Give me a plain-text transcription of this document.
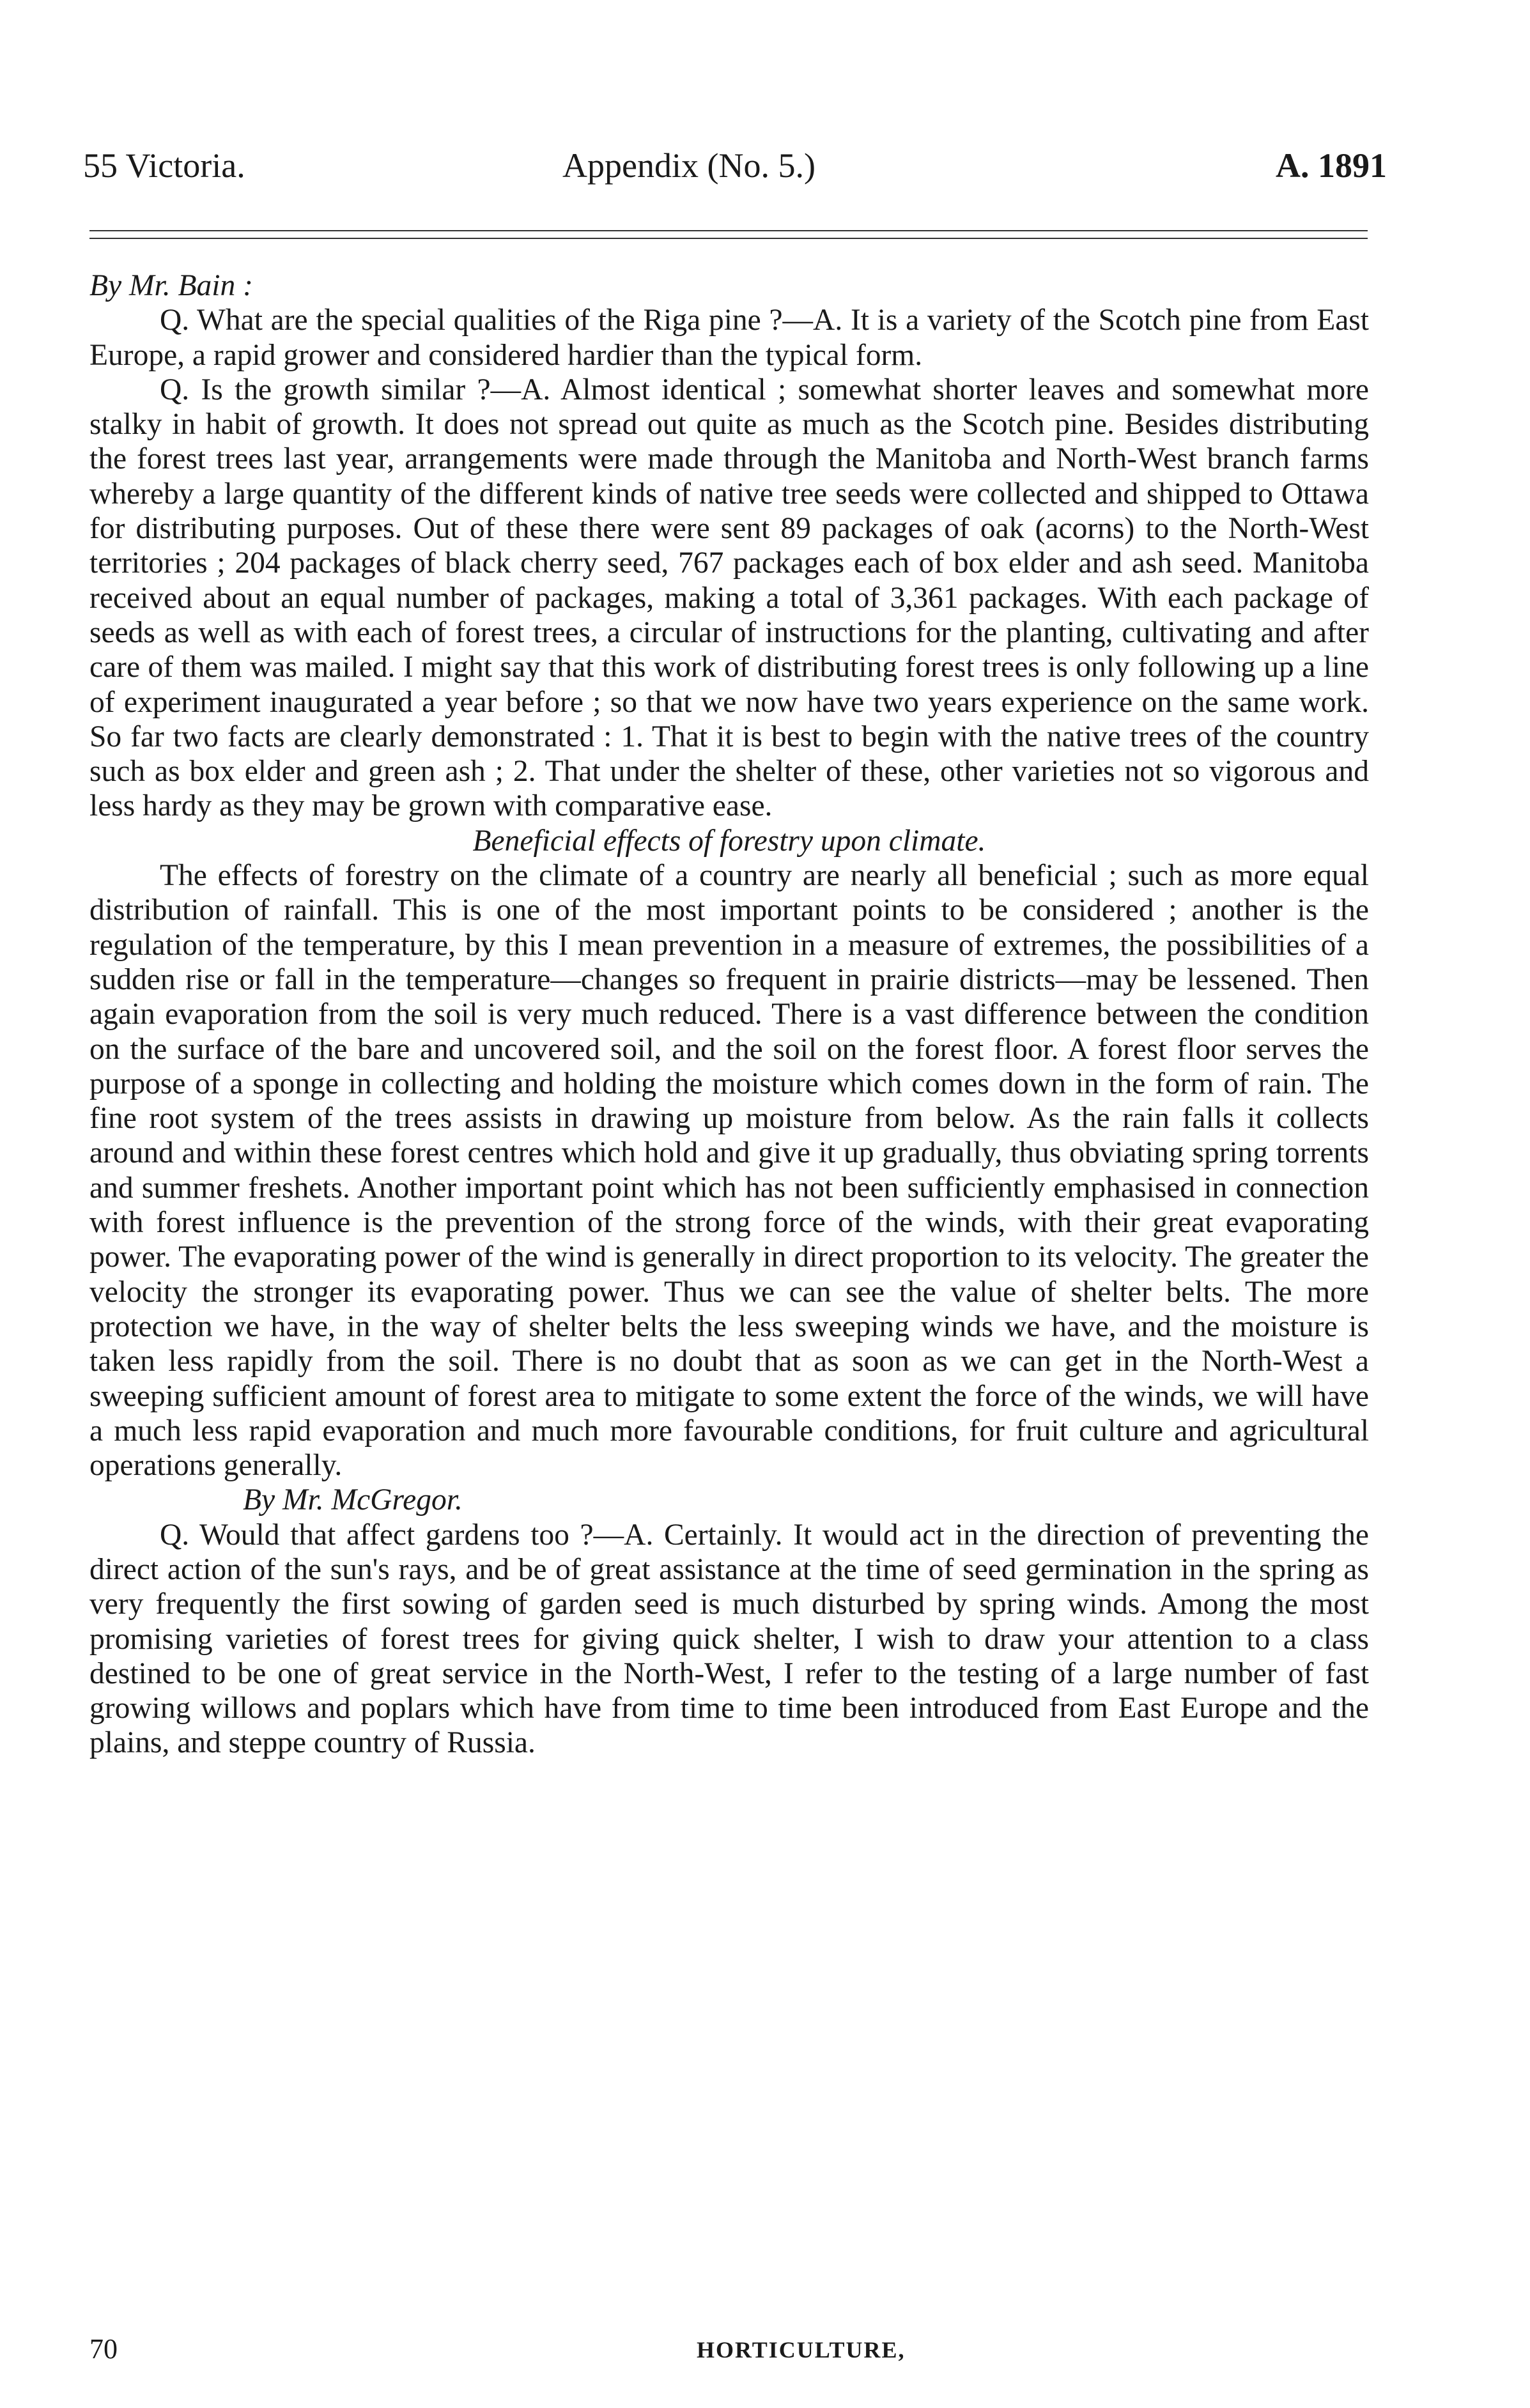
55 Victoria.	Appendix (No. 5.)	A. 1891

By Mr. Bain :

Q. What are the special qualities of the Riga pine ?—A. It is a variety of the Scotch pine from East Europe, a rapid grower and considered hardier than the typical form.

Q. Is the growth similar ?—A. Almost identical ; somewhat shorter leaves and somewhat more stalky in habit of growth. It does not spread out quite as much as the Scotch pine. Besides distributing the forest trees last year, arrangements were made through the Manitoba and North-West branch farms whereby a large quantity of the different kinds of native tree seeds were collected and shipped to Ottawa for distributing purposes. Out of these there were sent 89 packages of oak (acorns) to the North-West territories ; 204 packages of black cherry seed, 767 packages each of box elder and ash seed. Manitoba received about an equal number of packages, making a total of 3,361 packages. With each package of seeds as well as with each of forest trees, a circular of instructions for the planting, cultivating and after care of them was mailed. I might say that this work of distributing forest trees is only following up a line of experiment inaugurated a year before ; so that we now have two years experience on the same work. So far two facts are clearly demonstrated : 1. That it is best to begin with the native trees of the country such as box elder and green ash ; 2. That under the shelter of these, other varieties not so vigorous and less hardy as they may be grown with comparative ease.

Beneficial effects of forestry upon climate.

The effects of forestry on the climate of a country are nearly all beneficial ; such as more equal distribution of rainfall. This is one of the most important points to be considered ; another is the regulation of the temperature, by this I mean prevention in a measure of extremes, the possibilities of a sudden rise or fall in the temperature—changes so frequent in prairie districts—may be lessened. Then again evaporation from the soil is very much reduced. There is a vast difference between the condition on the surface of the bare and uncovered soil, and the soil on the forest floor. A forest floor serves the purpose of a sponge in collecting and holding the moisture which comes down in the form of rain. The fine root system of the trees assists in drawing up moisture from below. As the rain falls it collects around and within these forest centres which hold and give it up gradually, thus obviating spring torrents and summer freshets. Another important point which has not been sufficiently emphasised in connection with forest influence is the prevention of the strong force of the winds, with their great evaporating power. The evaporating power of the wind is generally in direct proportion to its velocity. The greater the velocity the stronger its evaporating power. Thus we can see the value of shelter belts. The more protection we have, in the way of shelter belts the less sweeping winds we have, and the moisture is taken less rapidly from the soil. There is no doubt that as soon as we can get in the North-West a sweeping sufficient amount of forest area to mitigate to some extent the force of the winds, we will have a much less rapid evaporation and much more favourable conditions, for fruit culture and agricultural operations generally.

By Mr. McGregor.

Q. Would that affect gardens too ?—A. Certainly. It would act in the direction of preventing the direct action of the sun's rays, and be of great assistance at the time of seed germination in the spring as very frequently the first sowing of garden seed is much disturbed by spring winds. Among the most promising varieties of forest trees for giving quick shelter, I wish to draw your attention to a class destined to be one of great service in the North-West, I refer to the testing of a large number of fast growing willows and poplars which have from time to time been introduced from East Europe and the plains, and steppe country of Russia.

70	HORTICULTURE,
